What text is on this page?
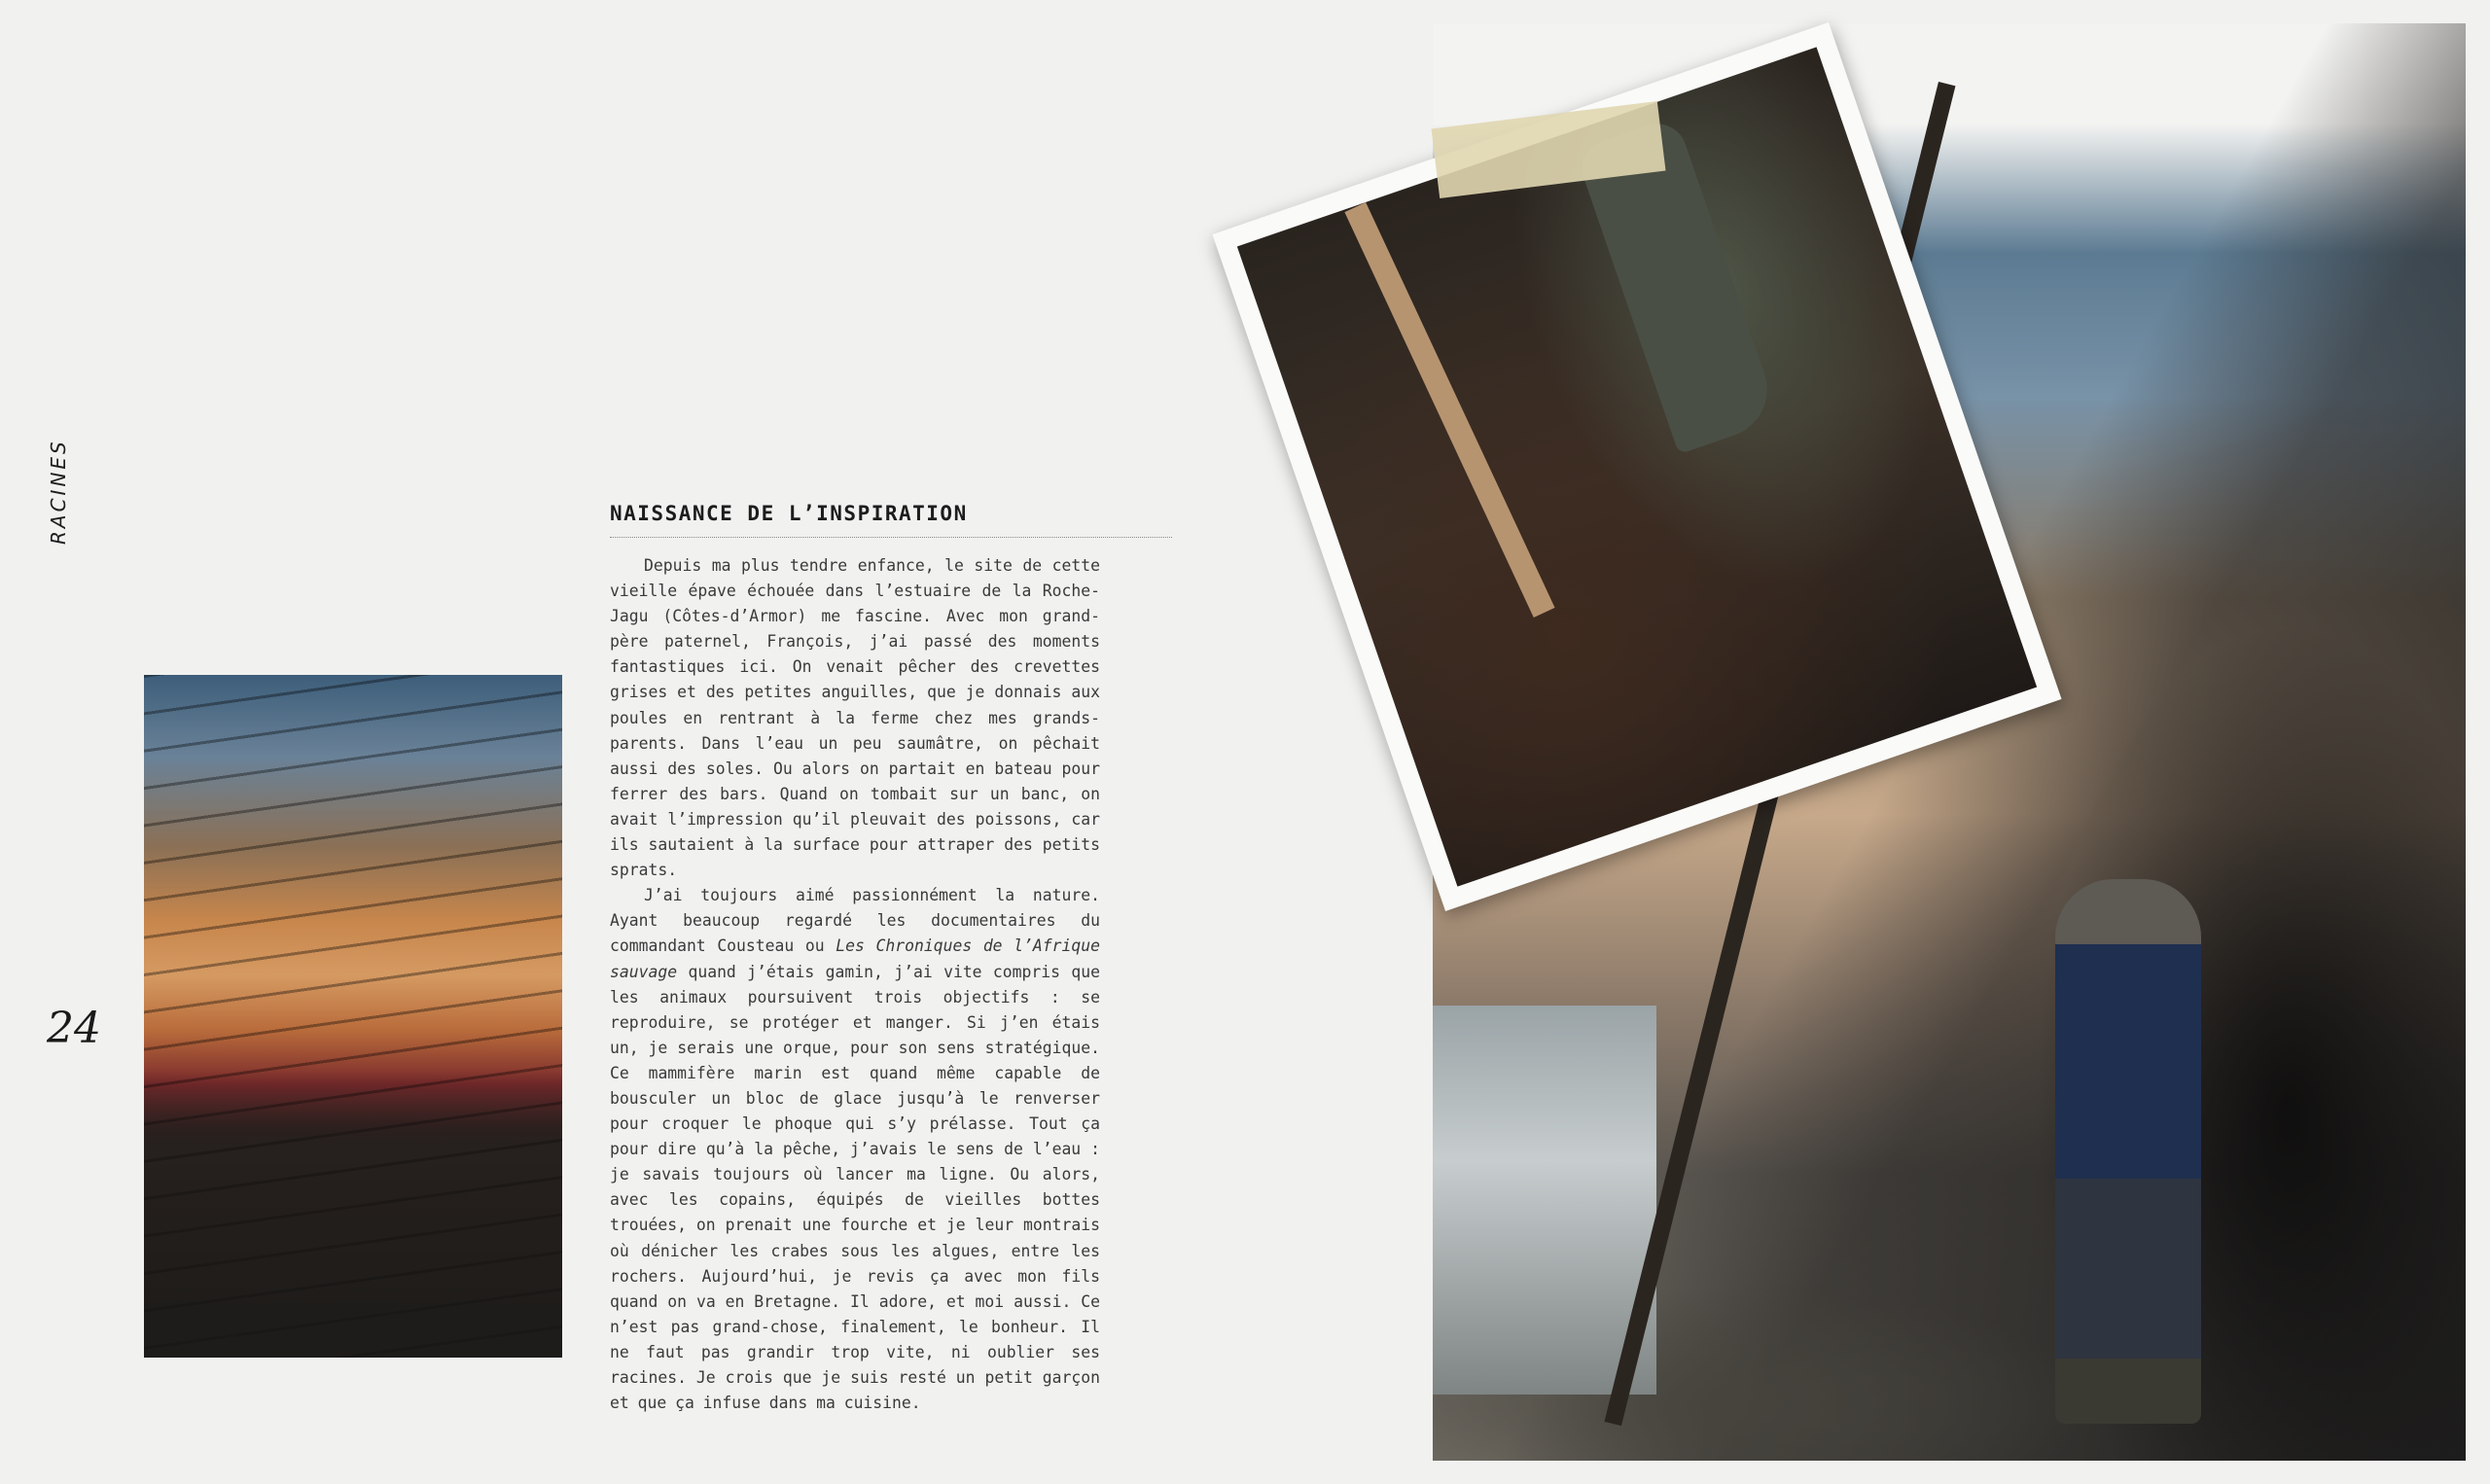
RACINES
24
NAISSANCE DE L’INSPIRATION

Depuis ma plus tendre enfance, le site de cette vieille épave échouée dans l’estuaire de la Roche-Jagu (Côtes-d’Armor) me fascine. Avec mon grand-père paternel, François, j’ai passé des moments fantastiques ici. On venait pêcher des crevettes grises et des petites anguilles, que je donnais aux poules en rentrant à la ferme chez mes grands-parents. Dans l’eau un peu saumâtre, on pêchait aussi des soles. Ou alors on partait en bateau pour ferrer des bars. Quand on tombait sur un banc, on avait l’impression qu’il pleuvait des poissons, car ils sautaient à la surface pour attraper des petits sprats.

J’ai toujours aimé passionnément la nature. Ayant beaucoup regardé les documentaires du commandant Cousteau ou Les Chroniques de l’Afrique sauvage quand j’étais gamin, j’ai vite compris que les animaux poursuivent trois objectifs : se reproduire, se protéger et manger. Si j’en étais un, je serais une orque, pour son sens stratégique. Ce mammifère marin est quand même capable de bousculer un bloc de glace jusqu’à le renverser pour croquer le phoque qui s’y prélasse. Tout ça pour dire qu’à la pêche, j’avais le sens de l’eau : je savais toujours où lancer ma ligne. Ou alors, avec les copains, équipés de vieilles bottes trouées, on prenait une fourche et je leur montrais où dénicher les crabes sous les algues, entre les rochers. Aujourd’hui, je revis ça avec mon fils quand on va en Bretagne. Il adore, et moi aussi. Ce n’est pas grand-chose, finalement, le bonheur. Il ne faut pas grandir trop vite, ni oublier ses racines. Je crois que je suis resté un petit garçon et que ça infuse dans ma cuisine.
